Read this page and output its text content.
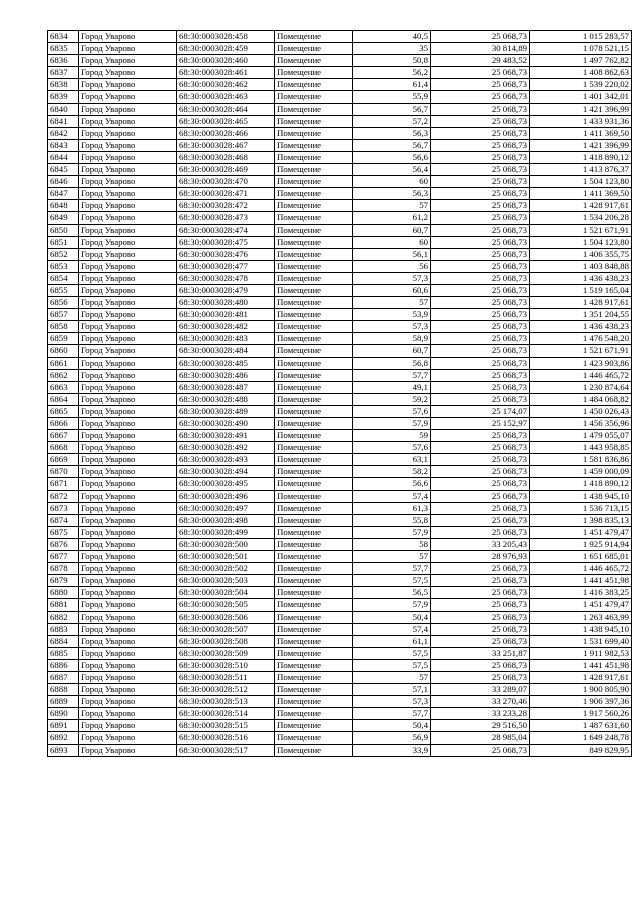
6834	Город Уварово	68:30:0003028:458	Помещение	40,5	25 068,73	1 015 283,57
6835	Город Уварово	68:30:0003028:459	Помещение	35	30 814,89	1 078 521,15
6836	Город Уварово	68:30:0003028:460	Помещение	50,8	29 483,52	1 497 762,82
6837	Город Уварово	68:30:0003028:461	Помещение	56,2	25 068,73	1 408 862,63
6838	Город Уварово	68:30:0003028:462	Помещение	61,4	25 068,73	1 539 220,02
6839	Город Уварово	68:30:0003028:463	Помещение	55,9	25 068,73	1 401 342,01
6840	Город Уварово	68:30:0003028:464	Помещение	56,7	25 068,73	1 421 396,99
6841	Город Уварово	68:30:0003028:465	Помещение	57,2	25 068,73	1 433 931,36
6842	Город Уварово	68:30:0003028:466	Помещение	56,3	25 068,73	1 411 369,50
6843	Город Уварово	68:30:0003028:467	Помещение	56,7	25 068,73	1 421 396,99
6844	Город Уварово	68:30:0003028:468	Помещение	56,6	25 068,73	1 418 890,12
6845	Город Уварово	68:30:0003028:469	Помещение	56,4	25 068,73	1 413 876,37
6846	Город Уварово	68:30:0003028:470	Помещение	60	25 068,73	1 504 123,80
6847	Город Уварово	68:30:0003028:471	Помещение	56,3	25 068,73	1 411 369,50
6848	Город Уварово	68:30:0003028:472	Помещение	57	25 068,73	1 428 917,61
6849	Город Уварово	68:30:0003028:473	Помещение	61,2	25 068,73	1 534 206,28
6850	Город Уварово	68:30:0003028:474	Помещение	60,7	25 068,73	1 521 671,91
6851	Город Уварово	68:30:0003028:475	Помещение	60	25 068,73	1 504 123,80
6852	Город Уварово	68:30:0003028:476	Помещение	56,1	25 068,73	1 406 355,75
6853	Город Уварово	68:30:0003028:477	Помещение	56	25 068,73	1 403 848,88
6854	Город Уварово	68:30:0003028:478	Помещение	57,3	25 068,73	1 436 438,23
6855	Город Уварово	68:30:0003028:479	Помещение	60,6	25 068,73	1 519 165,04
6856	Город Уварово	68:30:0003028:480	Помещение	57	25 068,73	1 428 917,61
6857	Город Уварово	68:30:0003028:481	Помещение	53,9	25 068,73	1 351 204,55
6858	Город Уварово	68:30:0003028:482	Помещение	57,3	25 068,73	1 436 438,23
6859	Город Уварово	68:30:0003028:483	Помещение	58,9	25 068,73	1 476 548,20
6860	Город Уварово	68:30:0003028:484	Помещение	60,7	25 068,73	1 521 671,91
6861	Город Уварово	68:30:0003028:485	Помещение	56,8	25 068,73	1 423 903,86
6862	Город Уварово	68:30:0003028:486	Помещение	57,7	25 068,73	1 446 465,72
6863	Город Уварово	68:30:0003028:487	Помещение	49,1	25 068,73	1 230 874,64
6864	Город Уварово	68:30:0003028:488	Помещение	59,2	25 068,73	1 484 068,82
6865	Город Уварово	68:30:0003028:489	Помещение	57,6	25 174,07	1 450 026,43
6866	Город Уварово	68:30:0003028:490	Помещение	57,9	25 152,97	1 456 356,96
6867	Город Уварово	68:30:0003028:491	Помещение	59	25 068,73	1 479 055,07
6868	Город Уварово	68:30:0003028:492	Помещение	57,6	25 068,73	1 443 958,85
6869	Город Уварово	68:30:0003028:493	Помещение	63,1	25 068,73	1 581 836,86
6870	Город Уварово	68:30:0003028:494	Помещение	58,2	25 068,73	1 459 000,09
6871	Город Уварово	68:30:0003028:495	Помещение	56,6	25 068,73	1 418 890,12
6872	Город Уварово	68:30:0003028:496	Помещение	57,4	25 068,73	1 438 945,10
6873	Город Уварово	68:30:0003028:497	Помещение	61,3	25 068,73	1 536 713,15
6874	Город Уварово	68:30:0003028:498	Помещение	55,8	25 068,73	1 398 835,13
6875	Город Уварово	68:30:0003028:499	Помещение	57,9	25 068,73	1 451 479,47
6876	Город Уварово	68:30:0003028:500	Помещение	58	33 205,43	1 925 914,94
6877	Город Уварово	68:30:0003028:501	Помещение	57	28 976,93	1 651 685,01
6878	Город Уварово	68:30:0003028:502	Помещение	57,7	25 068,73	1 446 465,72
6879	Город Уварово	68:30:0003028:503	Помещение	57,5	25 068,73	1 441 451,98
6880	Город Уварово	68:30:0003028:504	Помещение	56,5	25 068,73	1 416 383,25
6881	Город Уварово	68:30:0003028:505	Помещение	57,9	25 068,73	1 451 479,47
6882	Город Уварово	68:30:0003028:506	Помещение	50,4	25 068,73	1 263 463,99
6883	Город Уварово	68:30:0003028:507	Помещение	57,4	25 068,73	1 438 945,10
6884	Город Уварово	68:30:0003028:508	Помещение	61,1	25 068,73	1 531 699,40
6885	Город Уварово	68:30:0003028:509	Помещение	57,5	33 251,87	1 911 982,53
6886	Город Уварово	68:30:0003028:510	Помещение	57,5	25 068,73	1 441 451,98
6887	Город Уварово	68:30:0003028:511	Помещение	57	25 068,73	1 428 917,61
6888	Город Уварово	68:30:0003028:512	Помещение	57,1	33 289,07	1 900 805,90
6889	Город Уварово	68:30:0003028:513	Помещение	57,3	33 270,46	1 906 397,36
6890	Город Уварово	68:30:0003028:514	Помещение	57,7	33 233,28	1 917 560,26
6891	Город Уварово	68:30:0003028:515	Помещение	50,4	29 516,50	1 487 631,60
6892	Город Уварово	68:30:0003028:516	Помещение	56,9	28 985,04	1 649 248,78
6893	Город Уварово	68:30:0003028:517	Помещение	33,9	25 068,73	849 829,95
